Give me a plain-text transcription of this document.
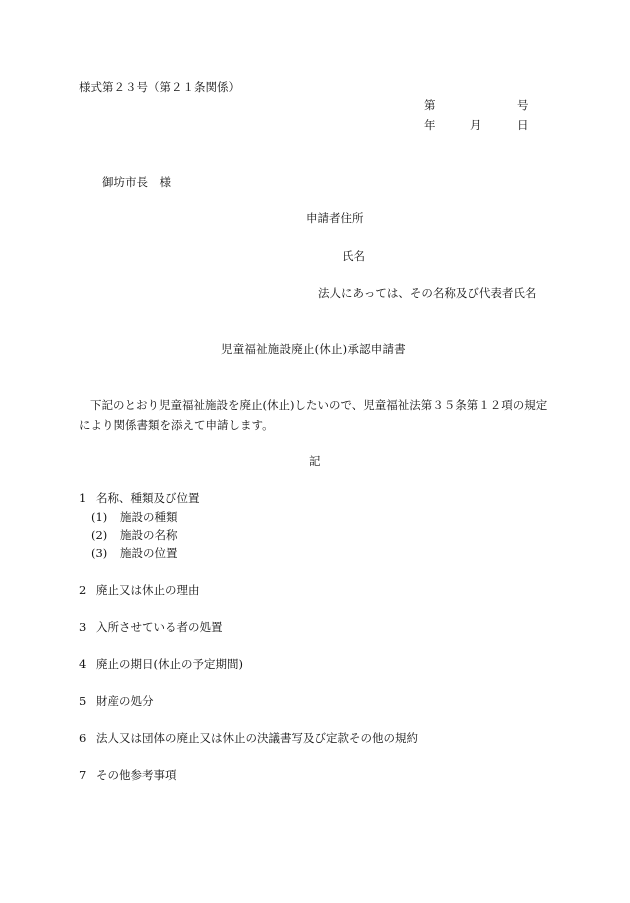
様式第２３号（第２１条関係）
第	号
年	月	日
御坊市長　様
申請者住所
氏名
法人にあっては、その名称及び代表者氏名
児童福祉施設廃止(休止)承認申請書
下記のとおり児童福祉施設を廃止(休止)したいので、児童福祉法第３５条第１２項の規定により関係書類を添えて申請します。
記
1 名称、種類及び位置
(1) 施設の種類
(2) 施設の名称
(3) 施設の位置
2 廃止又は休止の理由
3 入所させている者の処置
4 廃止の期日(休止の予定期間)
5 財産の処分
6 法人又は団体の廃止又は休止の決議書写及び定款その他の規約
7 その他参考事項
